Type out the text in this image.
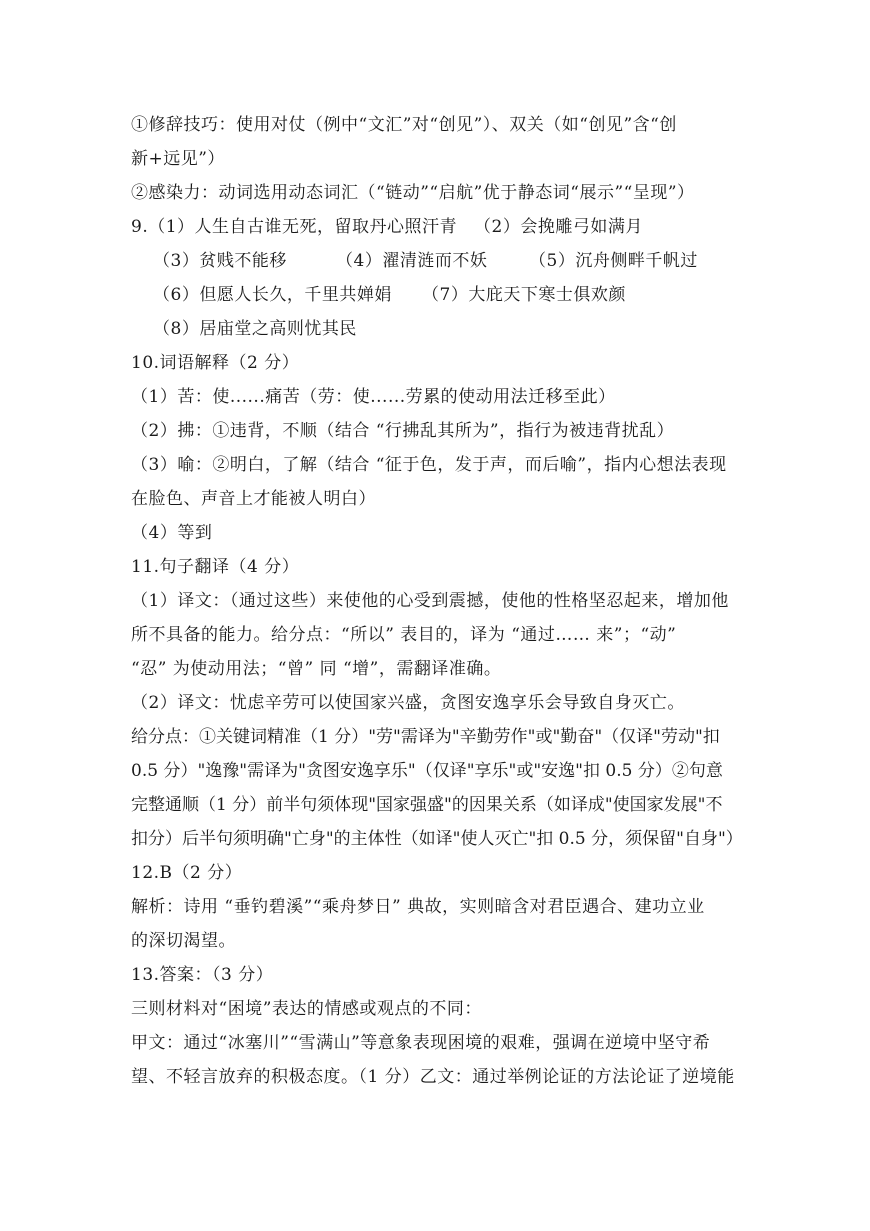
①修辞技巧：使用对仗（例中“文汇”对“创见”）、双关（如“创见”含“创
新+远见”）
②感染力：动词选用动态词汇（“链动”“启航”优于静态词“展示”“呈现”）
9.（1）人生自古谁无死，留取丹心照汗青 （2）会挽雕弓如满月
（3）贫贱不能移	（4）濯清涟而不妖 （5）沉舟侧畔千帆过
（6）但愿人长久，千里共婵娟 （7）大庇天下寒士俱欢颜
（8）居庙堂之高则忧其民
10.词语解释（2 分）
（1）苦：使......痛苦（劳：使......劳累的使动用法迁移至此）
（2）拂：①违背，不顺（结合 “行拂乱其所为”，指行为被违背扰乱）
（3）喻：②明白，了解（结合 “征于色，发于声，而后喻”，指内心想法表现
在脸色、声音上才能被人明白）
（4）等到
11.句子翻译（4 分）
（1）译文：（通过这些）来使他的心受到震撼，使他的性格坚忍起来，增加他
所不具备的能力。给分点：“所以” 表目的，译为 “通过…… 来”；“动”
“忍” 为使动用法；“曾” 同 “增”，需翻译准确。
（2）译文：忧虑辛劳可以使国家兴盛，贪图安逸享乐会导致自身灭亡。
给分点：①关键词精准（1 分）"劳"需译为"辛勤劳作"或"勤奋"（仅译"劳动"扣
0.5 分）"逸豫"需译为"贪图安逸享乐"（仅译"享乐"或"安逸"扣 0.5 分）②句意
完整通顺（1 分）前半句须体现"国家强盛"的因果关系（如译成"使国家发展"不
扣分）后半句须明确"亡身"的主体性（如译"使人灭亡"扣 0.5 分，须保留"自身"）
12.B（2 分）
解析：诗用 “垂钓碧溪”“乘舟梦日” 典故，实则暗含对君臣遇合、建功立业
的深切渴望。
13.答案：（3 分）
三则材料对“困境”表达的情感或观点的不同：
甲文：通过“冰塞川”“雪满山”等意象表现困境的艰难，强调在逆境中坚守希
望、不轻言放弃的积极态度。（1 分）乙文：通过举例论证的方法论证了逆境能
